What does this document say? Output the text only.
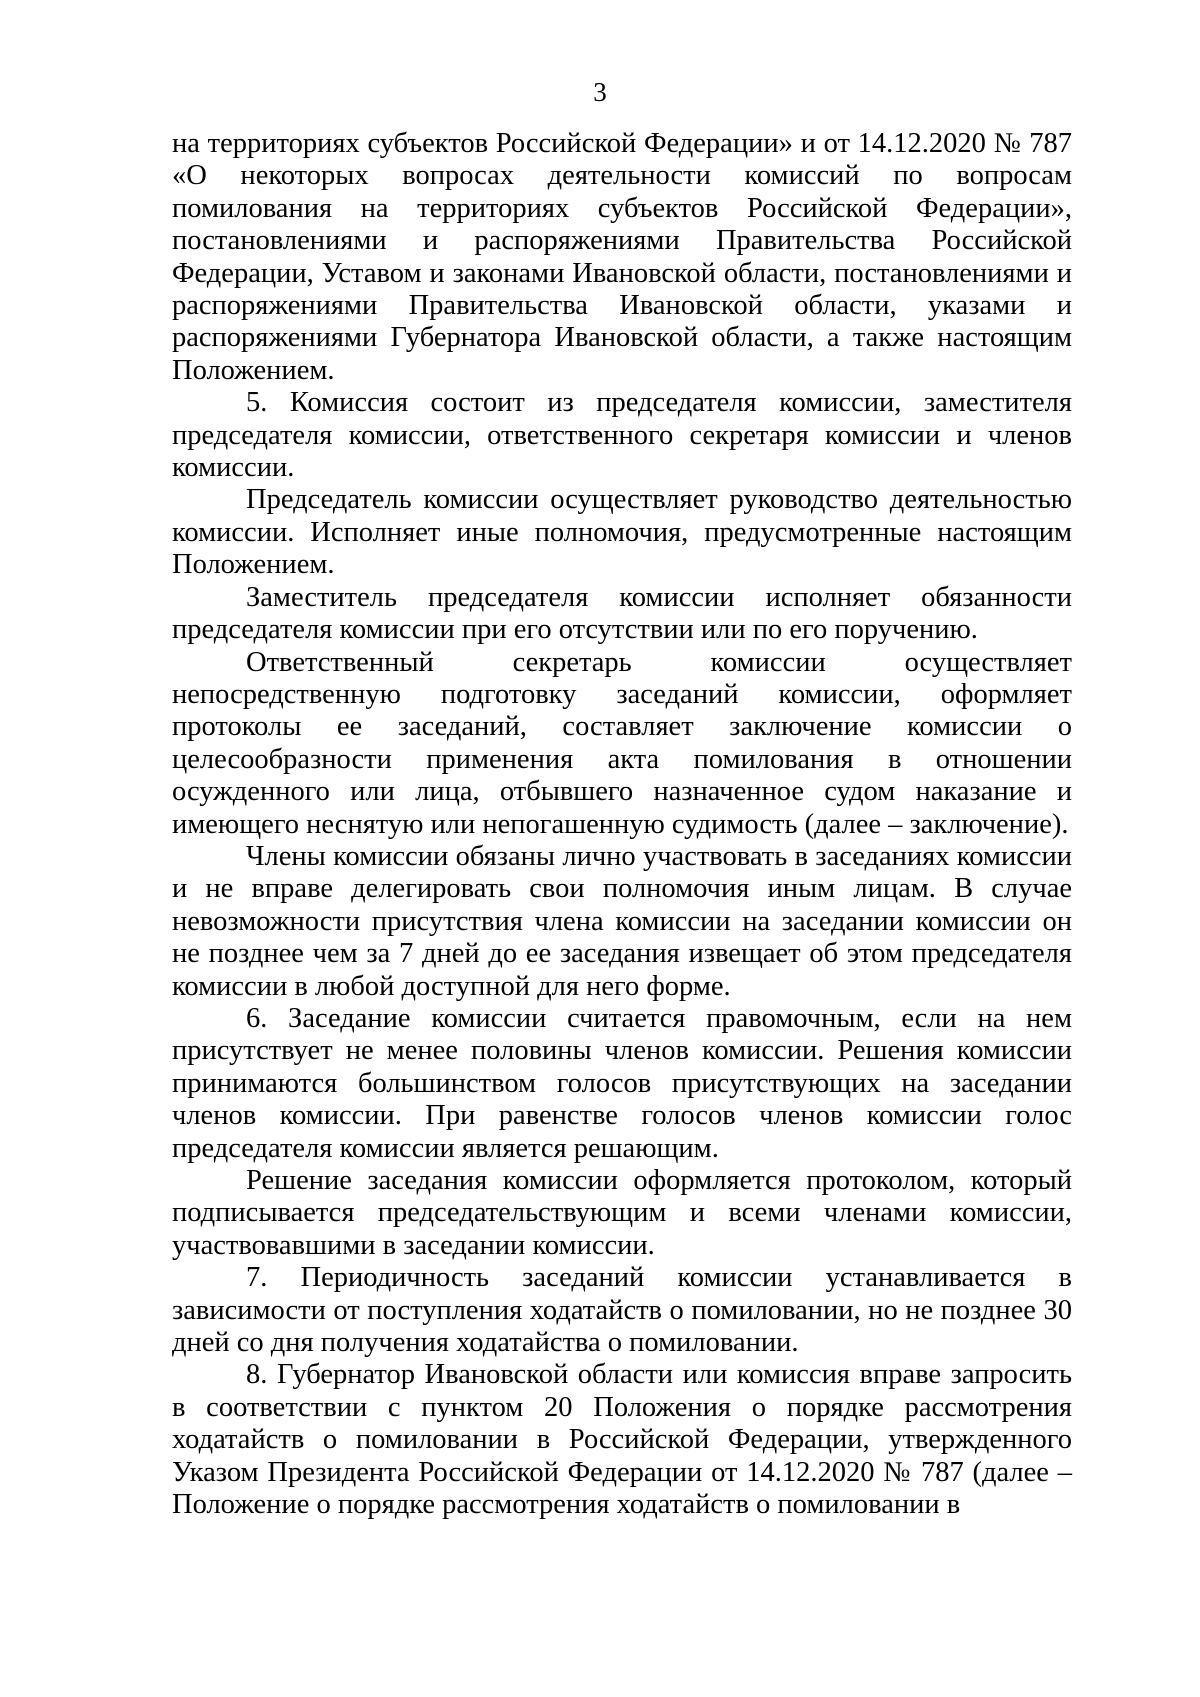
3

на территориях субъектов Российской Федерации» и от 14.12.2020 № 787 «О некоторых вопросах деятельности комиссий по вопросам помилования на территориях субъектов Российской Федерации», постановлениями и распоряжениями Правительства Российской Федерации, Уставом и законами Ивановской области, постановлениями и распоряжениями Правительства Ивановской области, указами и распоряжениями Губернатора Ивановской области, а также настоящим Положением.

5. Комиссия состоит из председателя комиссии, заместителя председателя комиссии, ответственного секретаря комиссии и членов комиссии.

Председатель комиссии осуществляет руководство деятельностью комиссии. Исполняет иные полномочия, предусмотренные настоящим Положением.

Заместитель председателя комиссии исполняет обязанности председателя комиссии при его отсутствии или по его поручению.

Ответственный секретарь комиссии осуществляет непосредственную подготовку заседаний комиссии, оформляет протоколы ее заседаний, составляет заключение комиссии о целесообразности применения акта помилования в отношении осужденного или лица, отбывшего назначенное судом наказание и имеющего неснятую или непогашенную судимость (далее – заключение).

Члены комиссии обязаны лично участвовать в заседаниях комиссии и не вправе делегировать свои полномочия иным лицам. В случае невозможности присутствия члена комиссии на заседании комиссии он не позднее чем за 7 дней до ее заседания извещает об этом председателя комиссии в любой доступной для него форме.

6. Заседание комиссии считается правомочным, если на нем присутствует не менее половины членов комиссии. Решения комиссии принимаются большинством голосов присутствующих на заседании членов комиссии. При равенстве голосов членов комиссии голос председателя комиссии является решающим.

Решение заседания комиссии оформляется протоколом, который подписывается председательствующим и всеми членами комиссии, участвовавшими в заседании комиссии.

7. Периодичность заседаний комиссии устанавливается в зависимости от поступления ходатайств о помиловании, но не позднее 30 дней со дня получения ходатайства о помиловании.

8. Губернатор Ивановской области или комиссия вправе запросить в соответствии с пунктом 20 Положения о порядке рассмотрения ходатайств о помиловании в Российской Федерации, утвержденного Указом Президента Российской Федерации от 14.12.2020 № 787 (далее – Положение о порядке рассмотрения ходатайств о помиловании в
